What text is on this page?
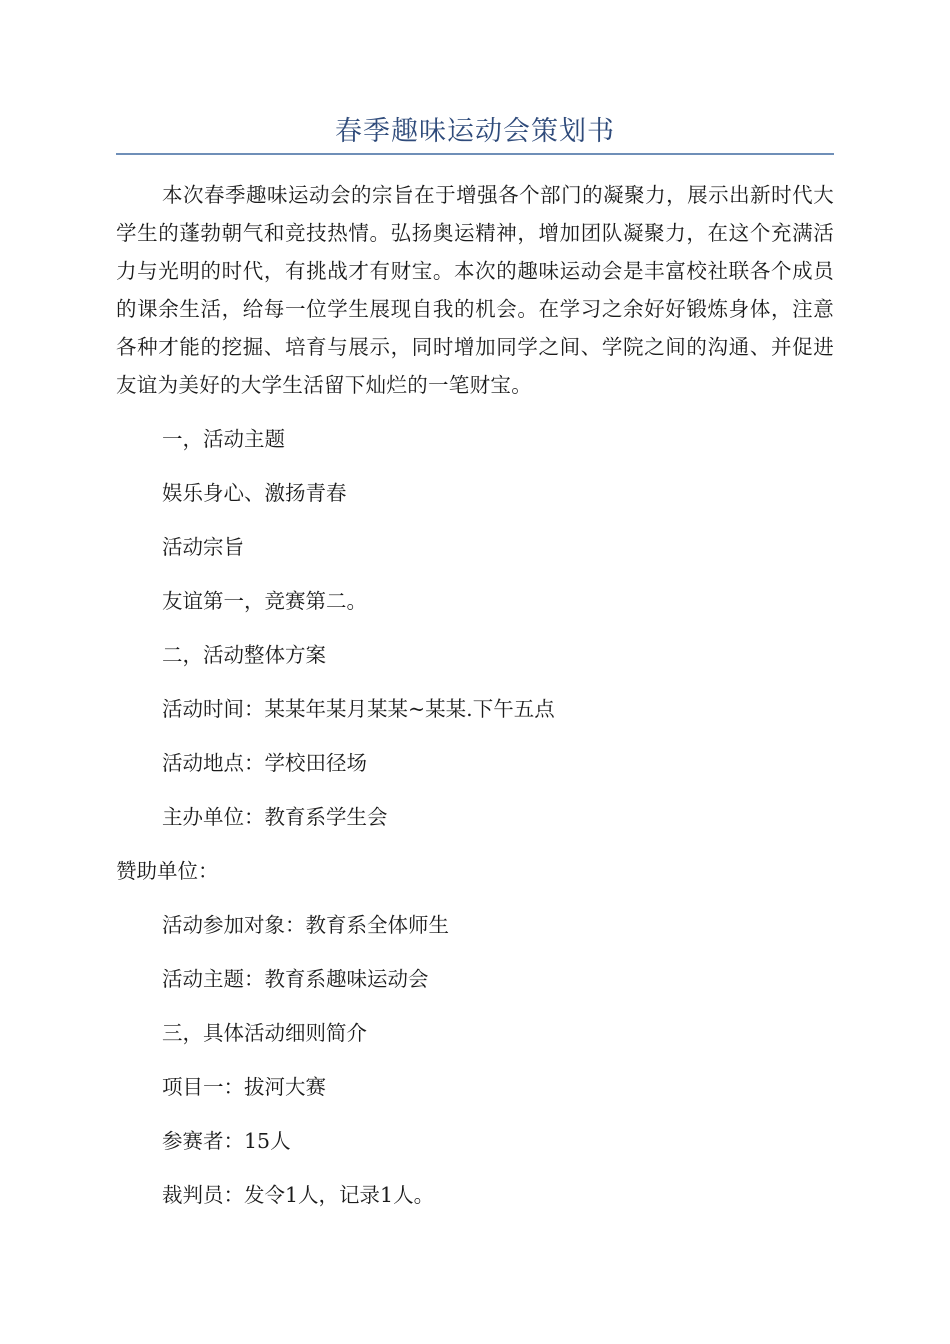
春季趣味运动会策划书

本次春季趣味运动会的宗旨在于增强各个部门的凝聚力，展示出新时代大学生的蓬勃朝气和竞技热情。弘扬奥运精神，增加团队凝聚力，在这个充满活力与光明的时代，有挑战才有财宝。本次的趣味运动会是丰富校社联各个成员的课余生活，给每一位学生展现自我的机会。在学习之余好好锻炼身体，注意各种才能的挖掘、培育与展示，同时增加同学之间、学院之间的沟通、并促进友谊为美好的大学生活留下灿烂的一笔财宝。

一，活动主题

娱乐身心、激扬青春

活动宗旨

友谊第一，竞赛第二。

二，活动整体方案

活动时间：某某年某月某某~某某.下午五点

活动地点：学校田径场

主办单位：教育系学生会

赞助单位：

活动参加对象：教育系全体师生

活动主题：教育系趣味运动会

三，具体活动细则简介

项目一：拔河大赛

参赛者：15人

裁判员：发令1人，记录1人。
